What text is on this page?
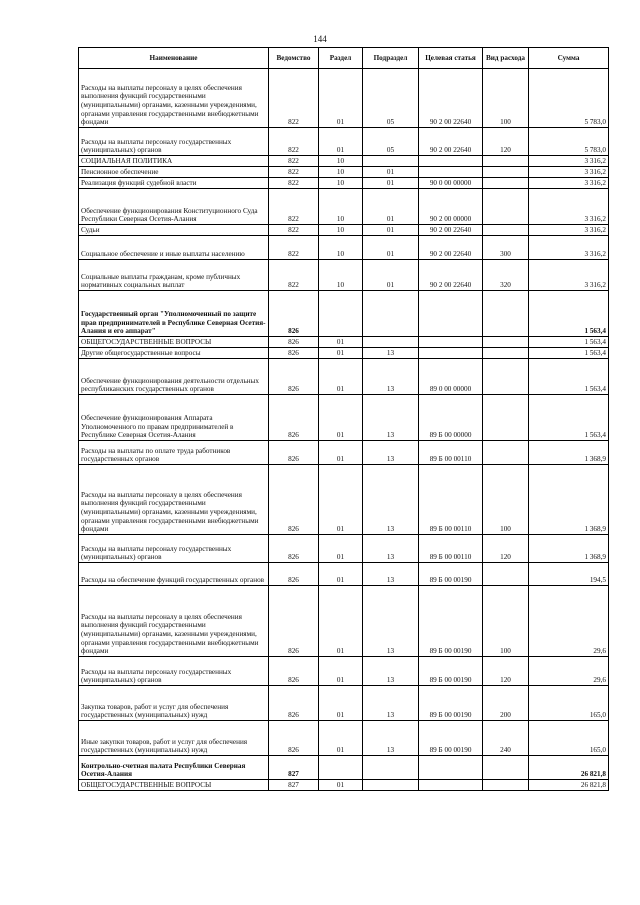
144
Наименование	Ведомство	Раздел	Подраздел	Целевая статья	Вид расхода	Сумма
Расходы на выплаты персоналу в целях обеспечения выполнения функций государственными (муниципальными) органами, казенными учреждениями, органами управления государственными внебюджетными фондами	822	01	05	90 2 00 22640	100	5 783,0
Расходы на выплаты персоналу государственных (муниципальных) органов	822	01	05	90 2 00 22640	120	5 783,0
СОЦИАЛЬНАЯ ПОЛИТИКА	822	10				3 316,2
Пенсионное обеспечение	822	10	01			3 316,2
Реализация функций судебной власти	822	10	01	90 0 00 00000		3 316,2
Обеспечение функционирования Конституционного Суда Республики Северная Осетия-Алания	822	10	01	90 2 00 00000		3 316,2
Судьи	822	10	01	90 2 00 22640		3 316,2
Социальное обеспечение и иные выплаты населению	822	10	01	90 2 00 22640	300	3 316,2
Социальные выплаты гражданам, кроме публичных нормативных социальных выплат	822	10	01	90 2 00 22640	320	3 316,2
Государственный орган "Уполномоченный по защите прав предпринимателей в Республике Северная Осетия-Алания и его аппарат"	826					1 563,4
ОБЩЕГОСУДАРСТВЕННЫЕ ВОПРОСЫ	826	01				1 563,4
Другие общегосударственные вопросы	826	01	13			1 563,4
Обеспечение функционирования деятельности отдельных республиканских государственных органов	826	01	13	89 0 00 00000		1 563,4
Обеспечение функционирования Аппарата Уполномоченного по правам предпринимателей в Республике Северная Осетия-Алания	826	01	13	89 Б 00 00000		1 563,4
Расходы на выплаты по оплате труда работников государственных органов	826	01	13	89 Б 00 00110		1 368,9
Расходы на выплаты персоналу в целях обеспечения выполнения функций государственными (муниципальными) органами, казенными учреждениями, органами управления государственными внебюджетными фондами	826	01	13	89 Б 00 00110	100	1 368,9
Расходы на выплаты персоналу государственных (муниципальных) органов	826	01	13	89 Б 00 00110	120	1 368,9
Расходы на обеспечение функций государственных органов	826	01	13	89 Б 00 00190		194,5
Расходы на выплаты персоналу в целях обеспечения выполнения функций государственными (муниципальными) органами, казенными учреждениями, органами управления государственными внебюджетными фондами	826	01	13	89 Б 00 00190	100	29,6
Расходы на выплаты персоналу государственных (муниципальных) органов	826	01	13	89 Б 00 00190	120	29,6
Закупка товаров, работ и услуг для обеспечения государственных (муниципальных) нужд	826	01	13	89 Б 00 00190	200	165,0
Иные закупки товаров, работ и услуг для обеспечения государственных (муниципальных) нужд	826	01	13	89 Б 00 00190	240	165,0
Контрольно-счетная палата Республики Северная Осетия-Алания	827					26 821,8
ОБЩЕГОСУДАРСТВЕННЫЕ ВОПРОСЫ	827	01				26 821,8
